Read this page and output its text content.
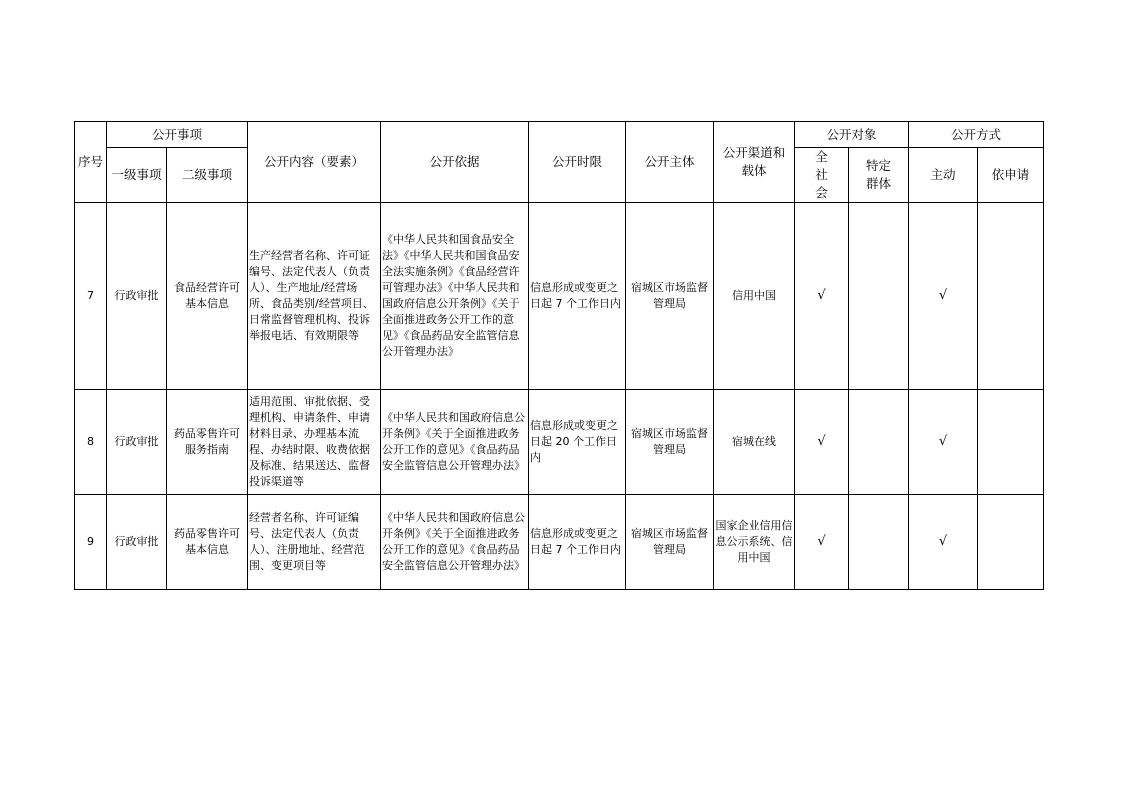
序号	公开事项		公开内容（要素）	公开依据	公开时限	公开主体	公开渠道和载体	公开对象		公开方式	
	一级事项	二级事项						全社会	特定群体	主动	依申请
7	行政审批	食品经营许可基本信息	生产经营者名称、许可证编号、法定代表人（负责人）、生产地址/经营场所、食品类别/经营项目、日常监督管理机构、投诉举报电话、有效期限等	《中华人民共和国食品安全法》《中华人民共和国食品安全法实施条例》《食品经营许可管理办法》《中华人民共和国政府信息公开条例》《关于全面推进政务公开工作的意见》《食品药品安全监管信息公开管理办法》	信息形成或变更之日起 7 个工作日内	宿城区市场监督管理局	信用中国	√		√	
8	行政审批	药品零售许可服务指南	适用范围、审批依据、受理机构、申请条件、申请材料目录、办理基本流程、办结时限、收费依据及标准、结果送达、监督投诉渠道等	《中华人民共和国政府信息公开条例》《关于全面推进政务公开工作的意见》《食品药品安全监管信息公开管理办法》	信息形成或变更之日起 20 个工作日内	宿城区市场监督管理局	宿城在线	√		√	
9	行政审批	药品零售许可基本信息	经营者名称、许可证编号、法定代表人（负责人）、注册地址、经营范围、变更项目等	《中华人民共和国政府信息公开条例》《关于全面推进政务公开工作的意见》《食品药品安全监管信息公开管理办法》	信息形成或变更之日起 7 个工作日内	宿城区市场监督管理局	国家企业信用信息公示系统、信用中国	√		√	
